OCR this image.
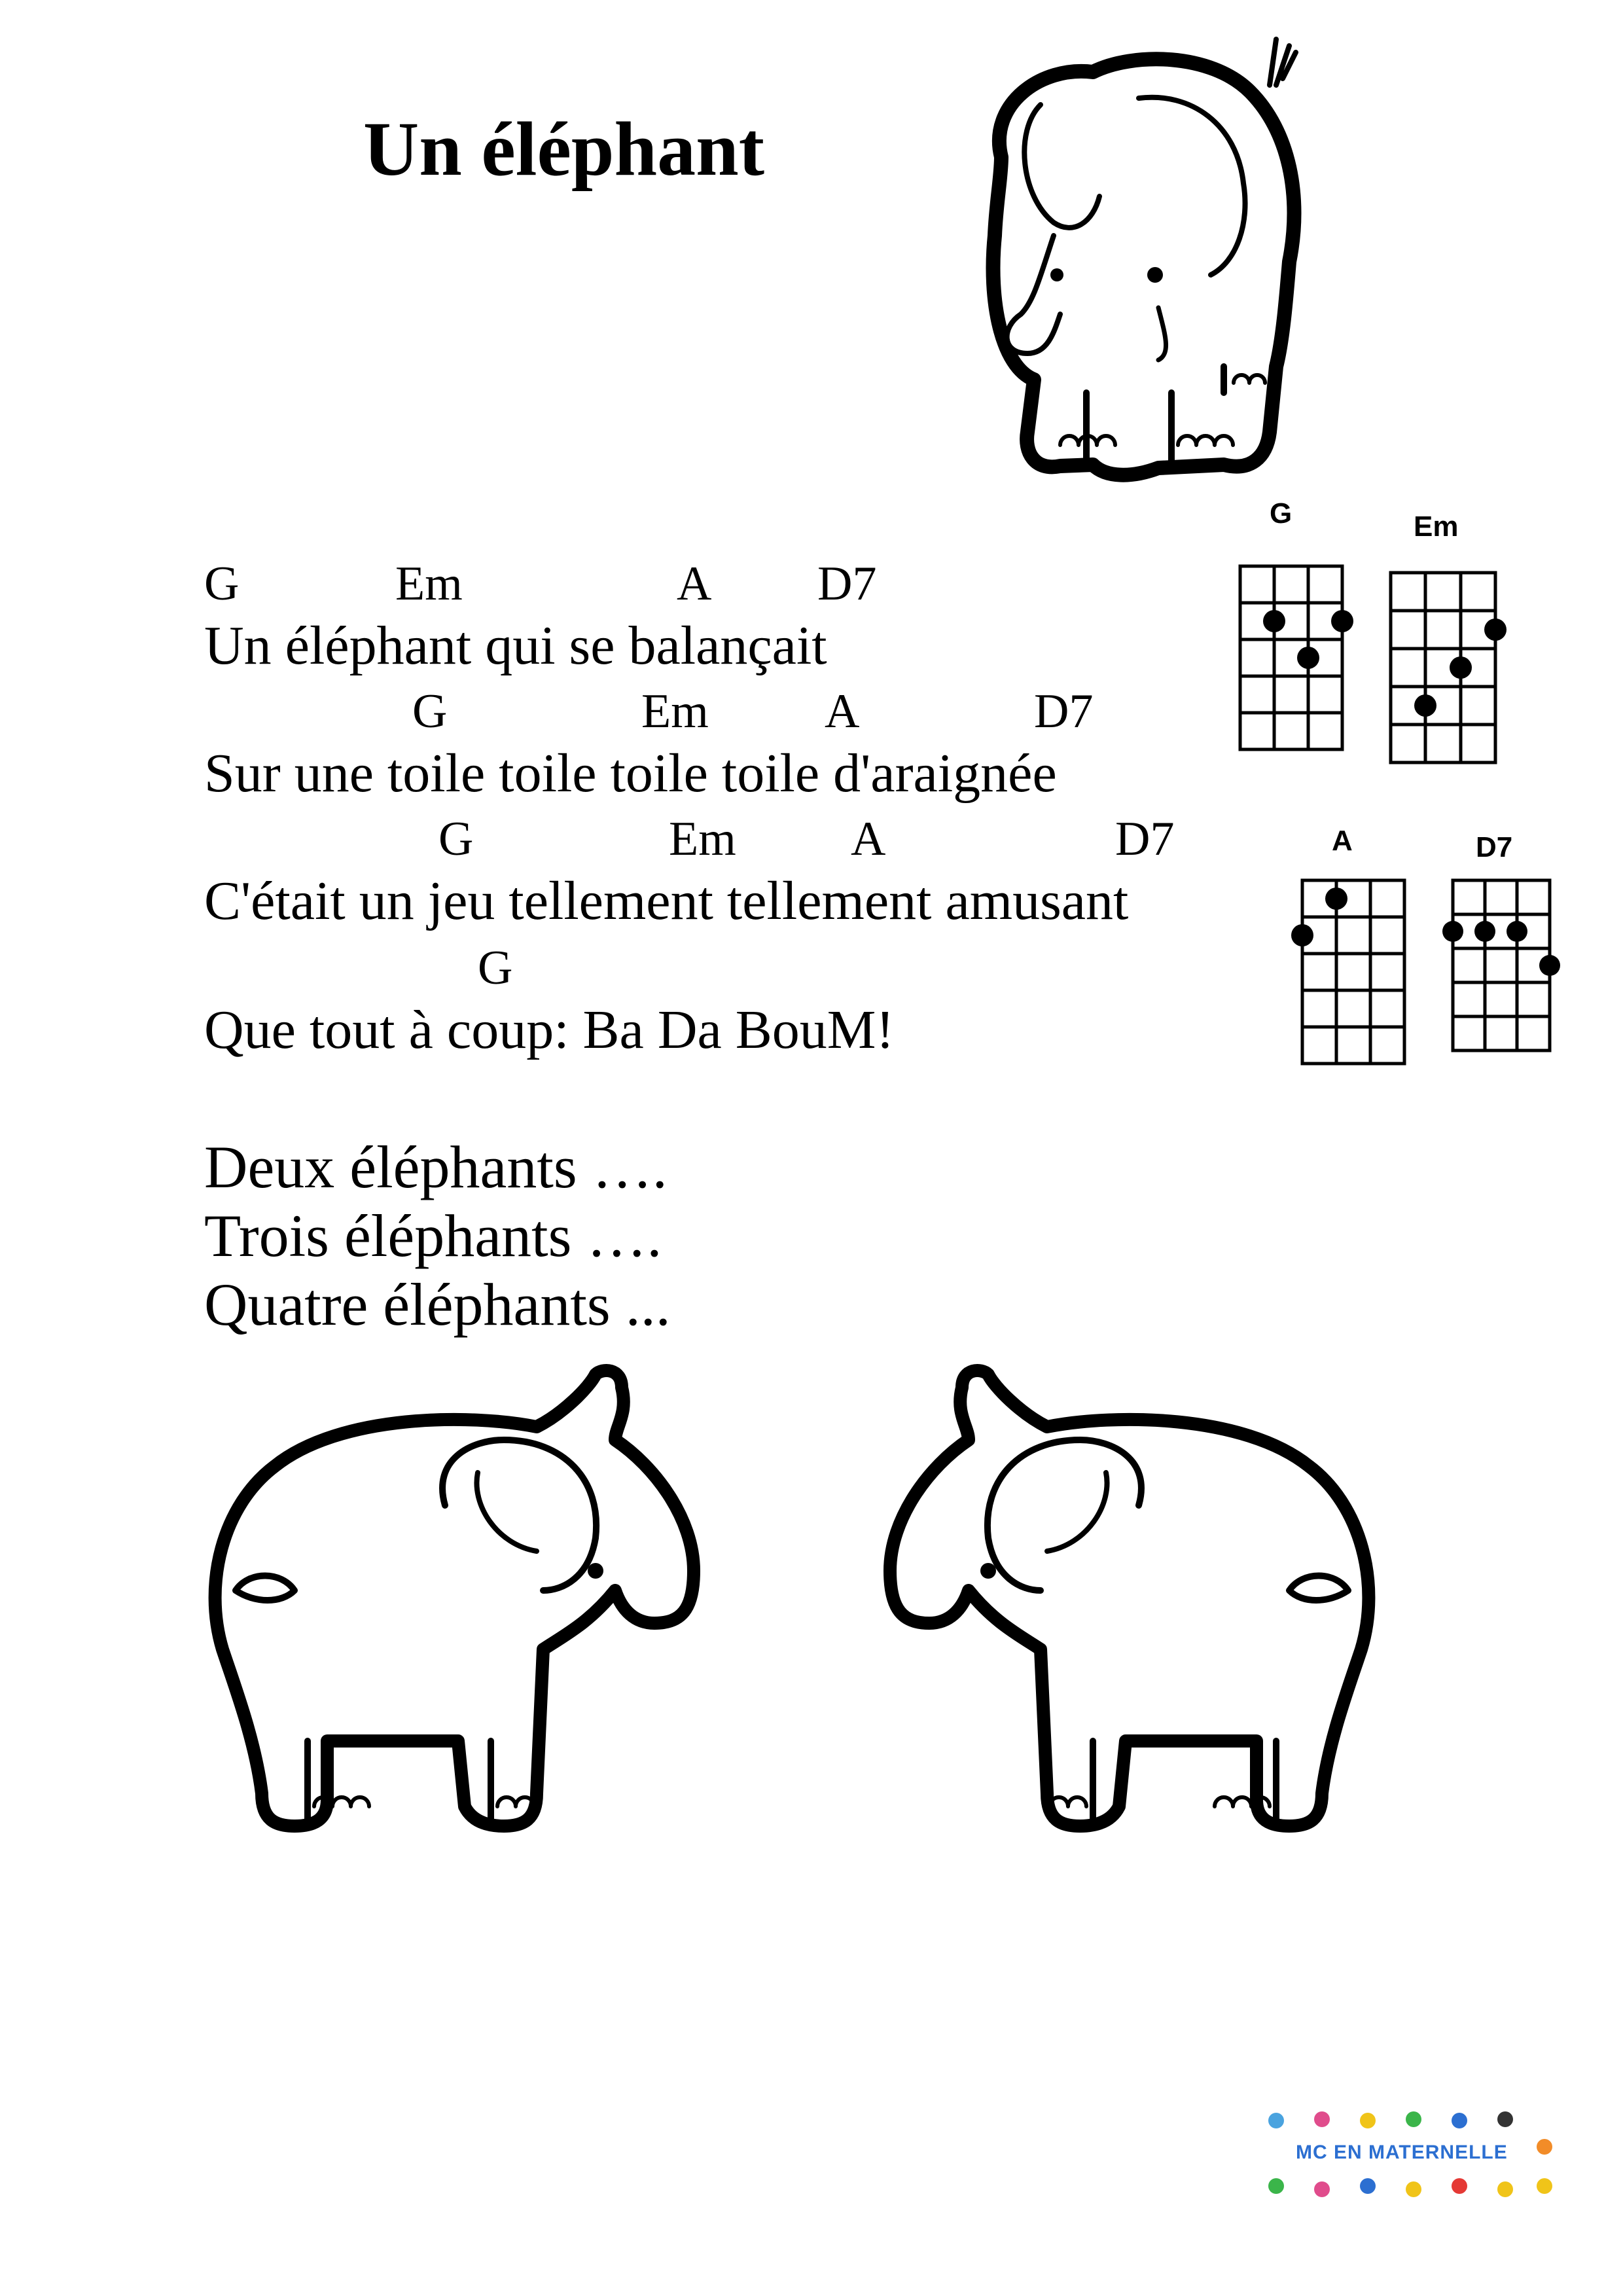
Un éléphant
G	Em	A D7
Un éléphant qui se balançait
G	Em A	D7
Sur une toile toile toile toile d'araignée
G	Em A	D7
C'était un jeu tellement tellement amusant
G
Que tout à coup: Ba Da BouM!
Deux éléphants ….
Trois éléphants ….
Quatre éléphants ...
G	Em
A	D7
MC EN MATERNELLE
